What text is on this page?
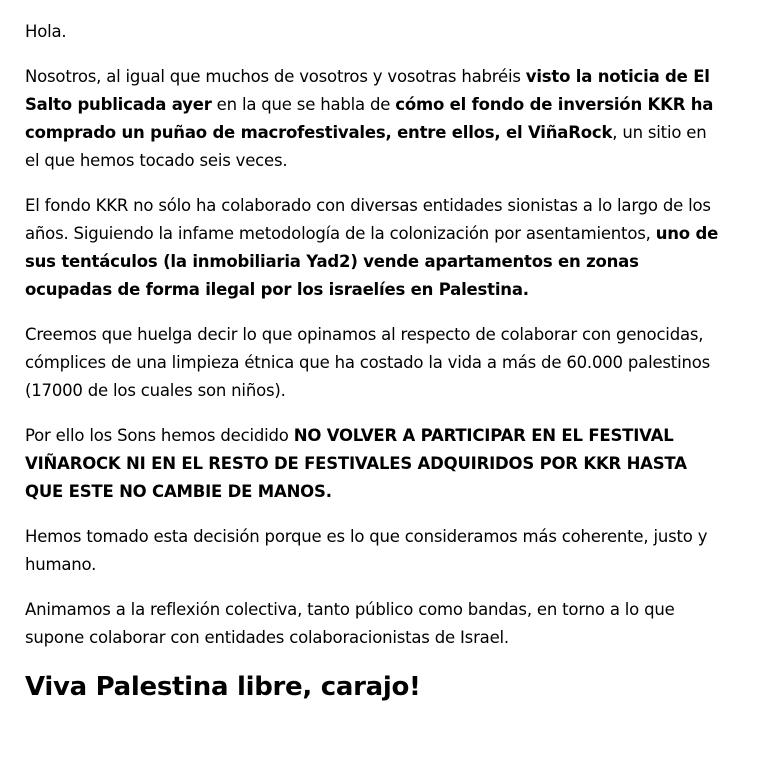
Hola.

Nosotros, al igual que muchos de vosotros y vosotras habréis visto la noticia de El Salto publicada ayer en la que se habla de cómo el fondo de inversión KKR ha comprado un puñao de macrofestivales, entre ellos, el ViñaRock, un sitio en el que hemos tocado seis veces.

El fondo KKR no sólo ha colaborado con diversas entidades sionistas a lo largo de los años. Siguiendo la infame metodología de la colonización por asentamientos, uno de sus tentáculos (la inmobiliaria Yad2) vende apartamentos en zonas ocupadas de forma ilegal por los israelíes en Palestina.

Creemos que huelga decir lo que opinamos al respecto de colaborar con genocidas, cómplices de una limpieza étnica que ha costado la vida a más de 60.000 palestinos (17000 de los cuales son niños).

Por ello los Sons hemos decidido NO VOLVER A PARTICIPAR EN EL FESTIVAL VIÑAROCK NI EN EL RESTO DE FESTIVALES ADQUIRIDOS POR KKR HASTA QUE ESTE NO CAMBIE DE MANOS.

Hemos tomado esta decisión porque es lo que consideramos más coherente, justo y humano.

Animamos a la reflexión colectiva, tanto público como bandas, en torno a lo que supone colaborar con entidades colaboracionistas de Israel.

Viva Palestina libre, carajo!
